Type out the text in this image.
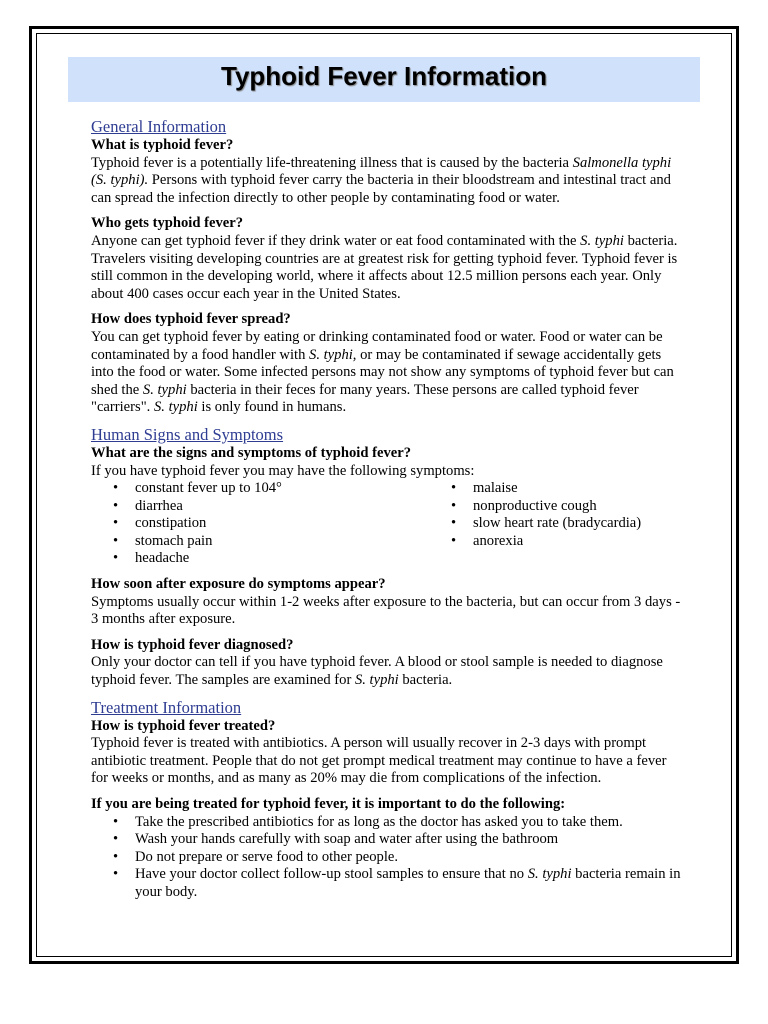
Typhoid Fever Information
General Information

What is typhoid fever?

Typhoid fever is a potentially life-threatening illness that is caused by the bacteria Salmonella typhi (S. typhi). Persons with typhoid fever carry the bacteria in their bloodstream and intestinal tract and can spread the infection directly to other people by contaminating food or water.

Who gets typhoid fever?

Anyone can get typhoid fever if they drink water or eat food contaminated with the S. typhi bacteria. Travelers visiting developing countries are at greatest risk for getting typhoid fever. Typhoid fever is still common in the developing world, where it affects about 12.5 million persons each year. Only about 400 cases occur each year in the United States.

How does typhoid fever spread?

You can get typhoid fever by eating or drinking contaminated food or water. Food or water can be contaminated by a food handler with S. typhi, or may be contaminated if sewage accidentally gets into the food or water. Some infected persons may not show any symptoms of typhoid fever but can shed the S. typhi bacteria in their feces for many years. These persons are called typhoid fever "carriers". S. typhi is only found in humans.

Human Signs and Symptoms

What are the signs and symptoms of typhoid fever?

If you have typhoid fever you may have the following symptoms:

• constant fever up to 104°
• diarrhea
• constipation
• stomach pain
• headache
• malaise
• nonproductive cough
• slow heart rate (bradycardia)
• anorexia

How soon after exposure do symptoms appear?

Symptoms usually occur within 1-2 weeks after exposure to the bacteria, but can occur from 3 days - 3 months after exposure.

How is typhoid fever diagnosed?

Only your doctor can tell if you have typhoid fever. A blood or stool sample is needed to diagnose typhoid fever. The samples are examined for S. typhi bacteria.

Treatment Information

How is typhoid fever treated?

Typhoid fever is treated with antibiotics. A person will usually recover in 2-3 days with prompt antibiotic treatment. People that do not get prompt medical treatment may continue to have a fever for weeks or months, and as many as 20% may die from complications of the infection.

If you are being treated for typhoid fever, it is important to do the following:

• Take the prescribed antibiotics for as long as the doctor has asked you to take them.
• Wash your hands carefully with soap and water after using the bathroom
• Do not prepare or serve food to other people.
• Have your doctor collect follow-up stool samples to ensure that no S. typhi bacteria remain in your body.
